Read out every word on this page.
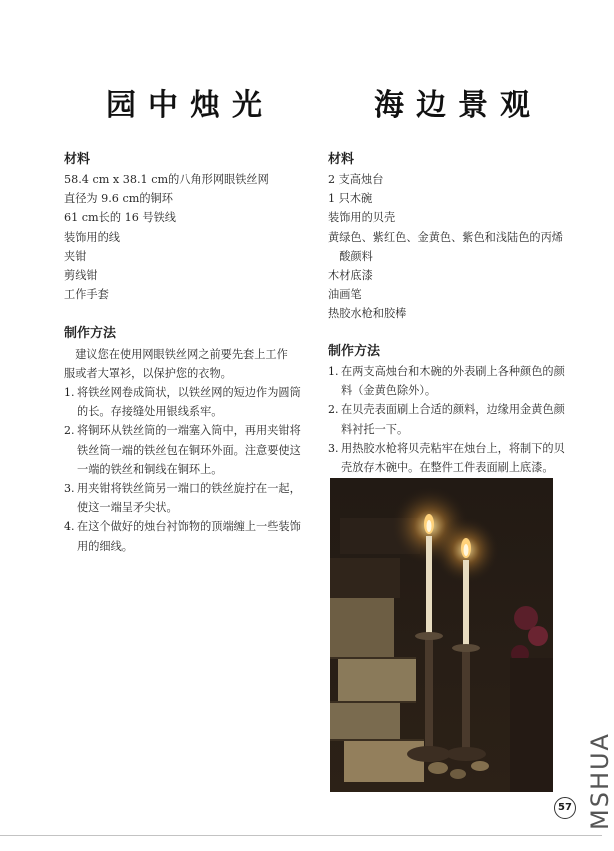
园中烛光
材料
58.4 cm x 38.1 cm的八角形网眼铁丝网
直径为 9.6 cm的铜环
61 cm长的 16 号铁线
装饰用的线
夹钳
剪线钳
工作手套
制作方法
　建议您在使用网眼铁丝网之前要先套上工作
服或者大罩衫，以保护您的衣物。
1. 将铁丝网卷成筒状，以铁丝网的短边作为圆筒
的长。存接缝处用银线系牢。
2. 将铜环从铁丝筒的一端塞入筒中，再用夹钳将
铁丝筒一端的铁丝包在铜环外面。注意要使这
一端的铁丝和铜线在铜环上。
3. 用夹钳将铁丝筒另一端口的铁丝旋拧在一起，
使这一端呈矛尖状。
4. 在这个做好的烛台衬饰物的顶端缠上一些装饰
用的细线。
海边景观
材料
2 支高烛台
1 只木碗
装饰用的贝壳
黄绿色、紫红色、金黄色、紫色和浅陆色的丙烯
　酸颜料
木材底漆
油画笔
热胶水枪和胶棒
制作方法
1. 在两支高烛台和木碗的外表刷上各种颜色的颜
料（金黄色除外）。
2. 在贝壳表面刷上合适的颜料，边缘用金黄色颜
料衬托一下。
3. 用热胶水枪将贝壳粘牢在烛台上，将制下的贝
壳放存木碗中。在整件工件表面刷上底漆。
57 MSHUA
